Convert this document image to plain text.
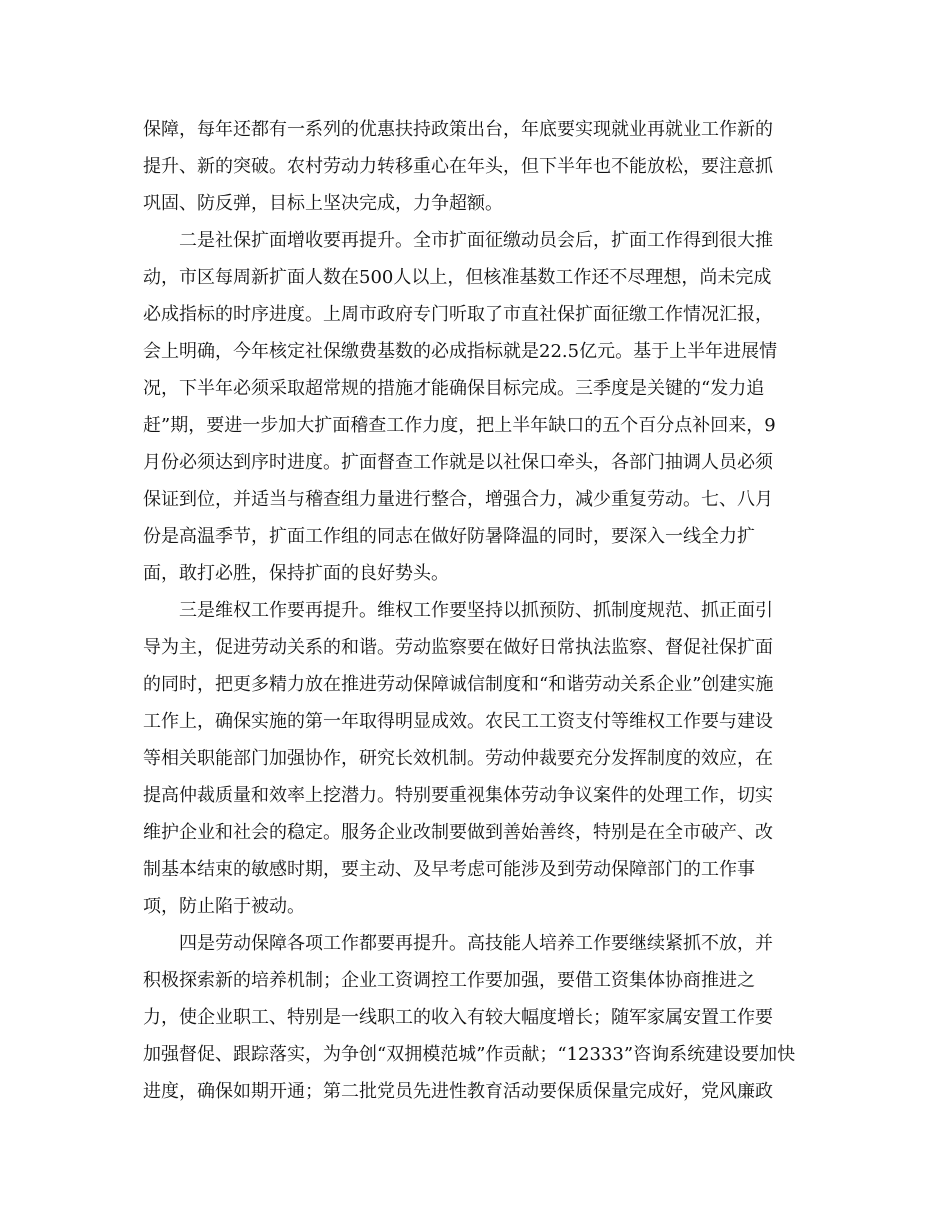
保障，每年还都有一系列的优惠扶持政策出台，年底要实现就业再就业工作新的
提升、新的突破。农村劳动力转移重心在年头，但下半年也不能放松，要注意抓
巩固、防反弹，目标上坚决完成，力争超额。
二是社保扩面增收要再提升。全市扩面征缴动员会后，扩面工作得到很大推
动，市区每周新扩面人数在500人以上，但核准基数工作还不尽理想，尚未完成
必成指标的时序进度。上周市政府专门听取了市直社保扩面征缴工作情况汇报，
会上明确，今年核定社保缴费基数的必成指标就是22.5亿元。基于上半年进展情
况，下半年必须采取超常规的措施才能确保目标完成。三季度是关键的“发力追
赶”期，要进一步加大扩面稽查工作力度，把上半年缺口的五个百分点补回来，9
月份必须达到序时进度。扩面督查工作就是以社保口牵头，各部门抽调人员必须
保证到位，并适当与稽查组力量进行整合，增强合力，减少重复劳动。七、八月
份是高温季节，扩面工作组的同志在做好防暑降温的同时，要深入一线全力扩
面，敢打必胜，保持扩面的良好势头。
三是维权工作要再提升。维权工作要坚持以抓预防、抓制度规范、抓正面引
导为主，促进劳动关系的和谐。劳动监察要在做好日常执法监察、督促社保扩面
的同时，把更多精力放在推进劳动保障诚信制度和“和谐劳动关系企业”创建实施
工作上，确保实施的第一年取得明显成效。农民工工资支付等维权工作要与建设
等相关职能部门加强协作，研究长效机制。劳动仲裁要充分发挥制度的效应，在
提高仲裁质量和效率上挖潜力。特别要重视集体劳动争议案件的处理工作，切实
维护企业和社会的稳定。服务企业改制要做到善始善终，特别是在全市破产、改
制基本结束的敏感时期，要主动、及早考虑可能涉及到劳动保障部门的工作事
项，防止陷于被动。
四是劳动保障各项工作都要再提升。高技能人培养工作要继续紧抓不放，并
积极探索新的培养机制；企业工资调控工作要加强，要借工资集体协商推进之
力，使企业职工、特别是一线职工的收入有较大幅度增长；随军家属安置工作要
加强督促、跟踪落实，为争创“双拥模范城”作贡献；“12333”咨询系统建设要加快
进度，确保如期开通；第二批党员先进性教育活动要保质保量完成好，党风廉政
